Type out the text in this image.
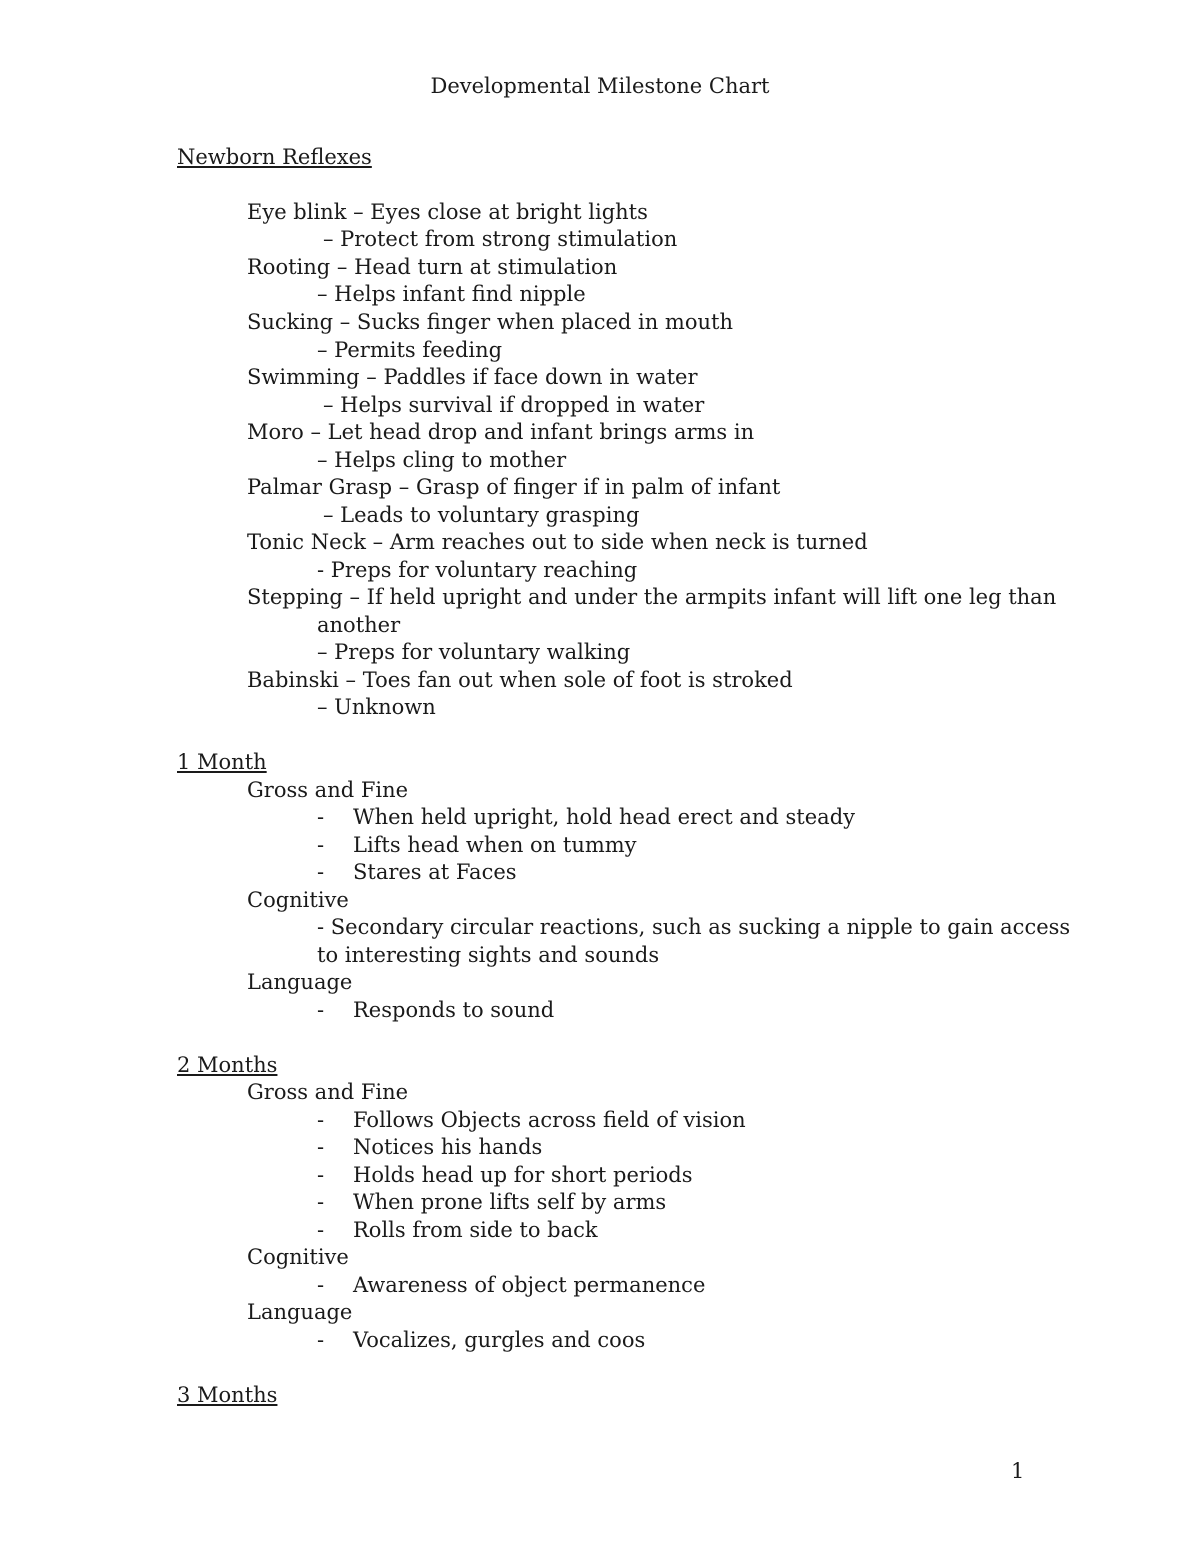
Developmental Milestone Chart
Newborn Reflexes
Eye blink – Eyes close at bright lights
– Protect from strong stimulation
Rooting – Head turn at stimulation
– Helps infant find nipple
Sucking – Sucks finger when placed in mouth
– Permits feeding
Swimming – Paddles if face down in water
– Helps survival if dropped in water
Moro – Let head drop and infant brings arms in
– Helps cling to mother
Palmar Grasp – Grasp of finger if in palm of infant
– Leads to voluntary grasping
Tonic Neck – Arm reaches out to side when neck is turned
- Preps for voluntary reaching
Stepping – If held upright and under the armpits infant will lift one leg than
another
– Preps for voluntary walking
Babinski – Toes fan out when sole of foot is stroked
– Unknown
1 Month
Gross and Fine
- When held upright, hold head erect and steady
- Lifts head when on tummy
- Stares at Faces
Cognitive
- Secondary circular reactions, such as sucking a nipple to gain access
to interesting sights and sounds
Language
- Responds to sound
2 Months
Gross and Fine
- Follows Objects across field of vision
- Notices his hands
- Holds head up for short periods
- When prone lifts self by arms
- Rolls from side to back
Cognitive
- Awareness of object permanence
Language
- Vocalizes, gurgles and coos
3 Months
1
